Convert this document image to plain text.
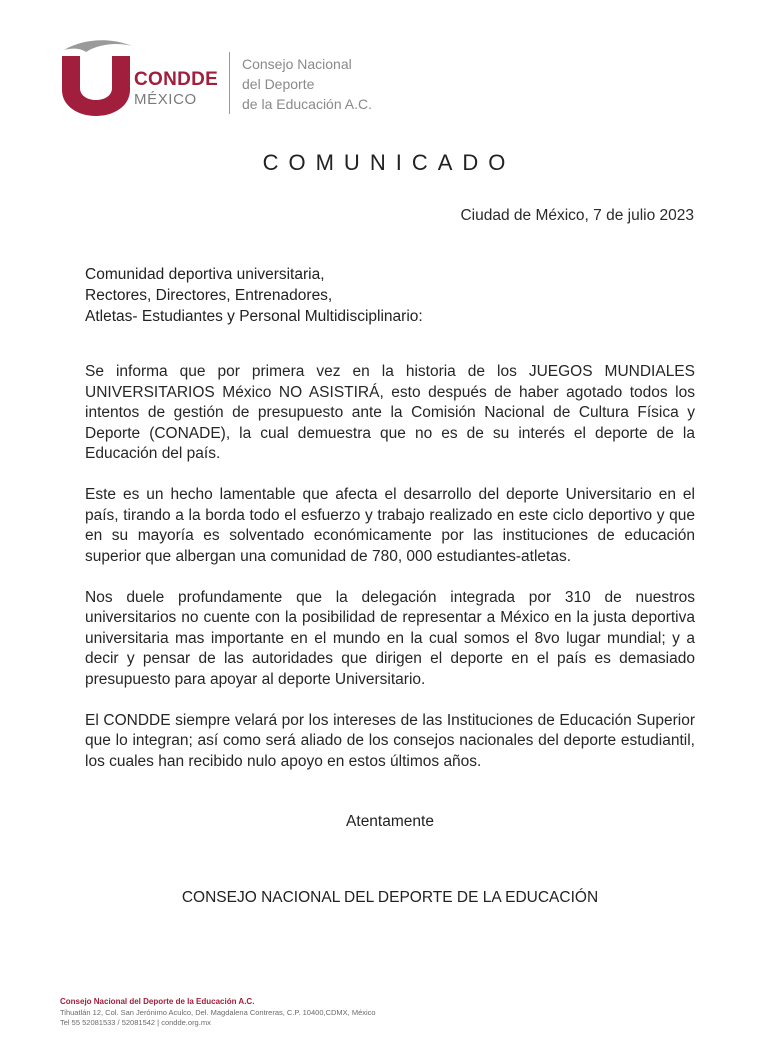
CONDDE
MÉXICO
Consejo Nacional
del Deporte
de la Educación A.C.
COMUNICADO
Ciudad de México, 7 de julio 2023
Comunidad deportiva universitaria,
Rectores, Directores, Entrenadores,
Atletas- Estudiantes y Personal Multidisciplinario:

Se informa que por primera vez en la historia de los JUEGOS MUNDIALES UNIVERSITARIOS México NO ASISTIRÁ, esto después de haber agotado todos los intentos de gestión de presupuesto ante la Comisión Nacional de Cultura Física y Deporte (CONADE), la cual demuestra que no es de su interés el deporte de la Educación del país.

Este es un hecho lamentable que afecta el desarrollo del deporte Universitario en el país, tirando a la borda todo el esfuerzo y trabajo realizado en este ciclo deportivo y que en su mayoría es solventado económicamente por las instituciones de educación superior que albergan una comunidad de 780, 000 estudiantes-atletas.

Nos duele profundamente que la delegación integrada por 310 de nuestros universitarios no cuente con la posibilidad de representar a México en la justa deportiva universitaria mas importante en el mundo en la cual somos el 8vo lugar mundial; y a decir y pensar de las autoridades que dirigen el deporte en el país es demasiado presupuesto para apoyar al deporte Universitario.

El CONDDE siempre velará por los intereses de las Instituciones de Educación Superior que lo integran; así como será aliado de los consejos nacionales del deporte estudiantil, los cuales han recibido nulo apoyo en estos últimos años.

Atentamente
CONSEJO NACIONAL DEL DEPORTE DE LA EDUCACIÓN
Consejo Nacional del Deporte de la Educación A.C.
Tihuatlán 12, Col. San Jerónimo Aculco, Del. Magdalena Contreras, C.P. 10400,CDMX, México
Tel 55 52081533 / 52081542 | condde.org.mx
